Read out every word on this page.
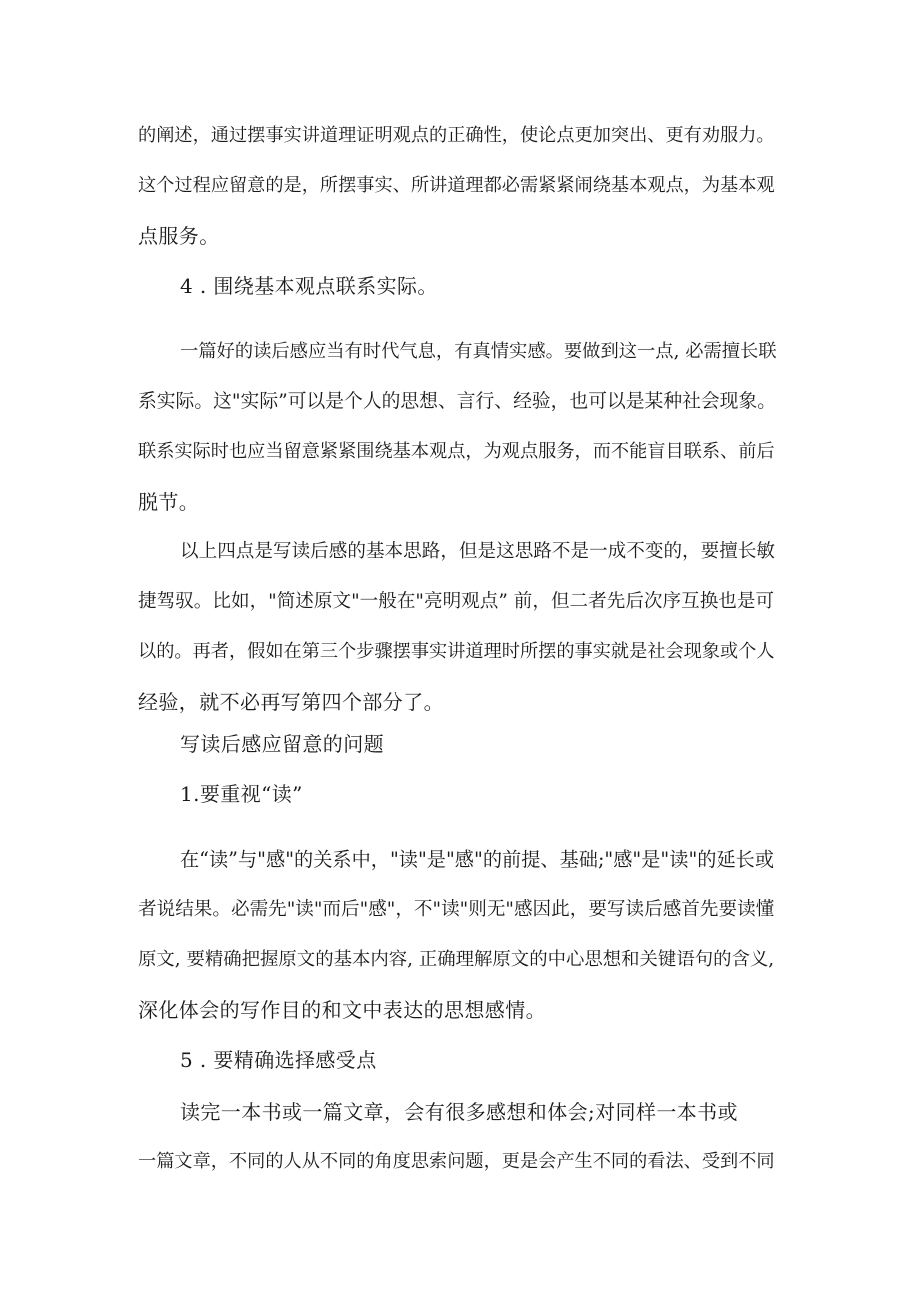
的阐述，通过摆事实讲道理证明观点的正确性，使论点更加突出、更有劝服力。
这个过程应留意的是，所摆事实、所讲道理都必需紧紧闹绕基本观点，为基本观
点服务。
4 . 围绕基本观点联系实际。
一篇好的读后感应当有时代气息，有真情实感。要做到这一点, 必需擅长联
系实际。这"实际”可以是个人的思想、言行、经验，也可以是某种社会现象。
联系实际时也应当留意紧紧围绕基本观点，为观点服务，而不能盲目联系、前后
脱节。
以上四点是写读后感的基本思路，但是这思路不是一成不变的，要擅长敏
捷驾驭。比如，"简述原文"一般在"亮明观点” 前，但二者先后次序互换也是可
以的。再者，假如在第三个步骤摆事实讲道理时所摆的事实就是社会现象或个人
经验，就不必再写第四个部分了。
写读后感应留意的问题
1.要重视“读”
在“读”与"感"的关系中，"读"是"感"的前提、基础;"感"是"读"的延长或
者说结果。必需先"读"而后"感"，不"读"则无"感因此，要写读后感首先要读懂
原文, 要精确把握原文的基本内容, 正确理解原文的中心思想和关键语句的含义,
深化体会的写作目的和文中表达的思想感情。
5 . 要精确选择感受点
读完一本书或一篇文章，会有很多感想和体会;对同样一本书或
一篇文章，不同的人从不同的角度思索问题，更是会产生不同的看法、受到不同
